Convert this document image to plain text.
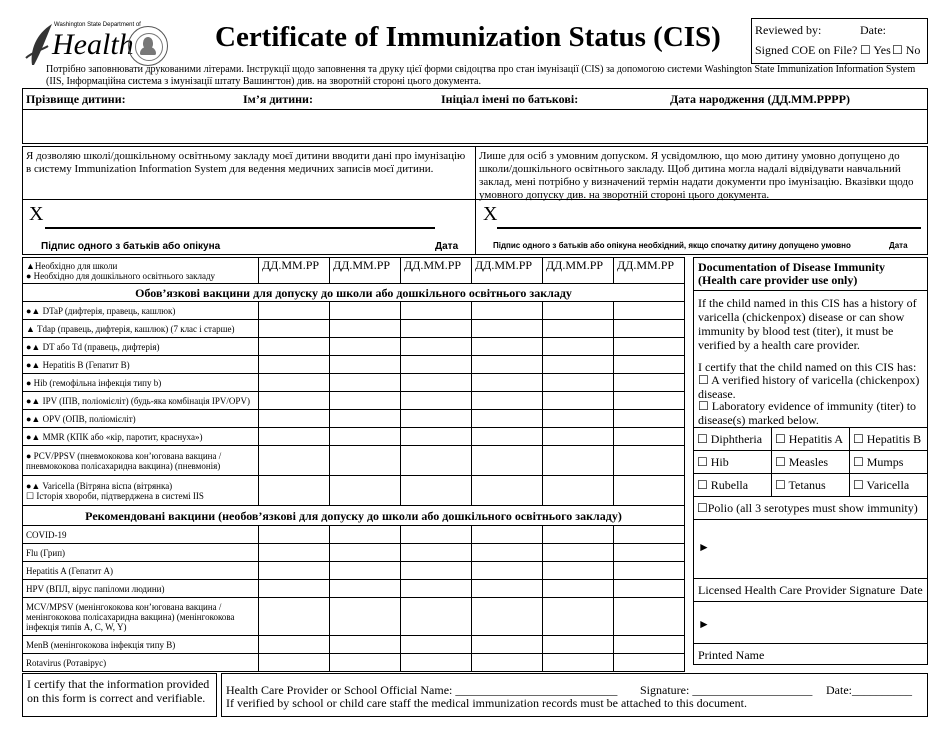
Washington State Department of
Health	Certificate of Immunization Status (CIS)	Reviewed by:	Date:
Signed COE on File? ☐ Yes ☐ No
Потрібно заповнювати друкованими літерами. Інструкції щодо заповнення та друку цієї форми свідоцтва про стан імунізації (CIS) за допомогою системи Washington State Immunization Information System (IIS, Інформаційна система з імунізації штату Вашингтон) див. на зворотній стороні цього документа.
Прізвище дитини:	Ім’я дитини:	Ініціал імені по батькові:	Дата народження (ДД.ММ.РРРР)
Я дозволяю школі/дошкільному освітньому закладу моєї дитини вводити дані про імунізацію в систему Immunization Information System для ведення медичних записів моєї дитини.
Лише для осіб з умовним допуском. Я усвідомлюю, що мою дитину умовно допущено до школи/дошкільного освітнього закладу. Щоб дитина могла надалі відвідувати навчальний заклад, мені потрібно у визначений термін надати документи про імунізацію. Вказівки щодо умовного допуску див. на зворотній стороні цього документа.
X
Підпис одного з батьків або опікуна	Дата
X
Підпис одного з батьків або опікуна необхідний, якщо спочатку дитину допущено умовно	Дата
▲Необхідно для школи
● Необхідно для дошкільного освітнього закладу	ДД.ММ.РР	ДД.ММ.РР	ДД.ММ.РР	ДД.ММ.РР	ДД.ММ.РР	ДД.ММ.РР
Обов’язкові вакцини для допуску до школи або дошкільного освітнього закладу						
●▲ DTaP (дифтерія, правець, кашлюк)						
▲ Tdap (правець, дифтерія, кашлюк) (7 клас і старше)						
●▲ DT або Td (правець, дифтерія)						
●▲ Hepatitis B (Гепатит B)						
● Hib (гемофільна інфекція типу b)						
●▲ IPV (ІПВ, поліомієліт) (будь-яка комбінація IPV/OPV)						
●▲ OPV (ОПВ, поліомієліт)						
●▲ MMR (КПК або «кір, паротит, краснуха»)						
● PCV/PPSV (пневмококова кон’югована вакцина / пневмококова полісахаридна вакцина) (пневмонія)						

●▲ Varicella (Вітряна віспа (вітрянка)
☐ Історія хвороби, підтверджена в системі IIS						

Рекомендовані вакцини (необов’язкові для допуску до школи або дошкільного освітнього закладу)						
COVID-19						
Flu (Грип)						
Hepatitis A (Гепатит A)						
HPV (ВПЛ, вірус папіломи людини)						
MCV/MPSV (менінгококова кон’югована вакцина / менінгококова полісахаридна вакцина) (менінгококова інфекція типів A, C, W, Y)						
MenB (менінгококова інфекція типу B)						
Rotavirus (Ротавірус)						
Documentation of Disease Immunity
(Health care provider use only)
If the child named in this CIS has a history of varicella (chickenpox) disease or can show immunity by blood test (titer), it must be verified by a health care provider.
I certify that the child named on this CIS has:
☐ A verified history of varicella (chickenpox) disease.
☐ Laboratory evidence of immunity (titer) to disease(s) marked below.
☐ Diphtheria	☐ Hepatitis A	☐ Hepatitis B
☐ Hib	☐ Measles	☐ Mumps
☐ Rubella	☐ Tetanus	☐ Varicella
☐Polio (all 3 serotypes must show immunity)		
►
Licensed Health Care Provider Signature Date
►
Printed Name
I certify that the information provided on this form is correct and verifiable.
Health Care Provider or School Official Name: ___________________________ Signature: ____________________ Date:__________
If verified by school or child care staff the medical immunization records must be attached to this document.
